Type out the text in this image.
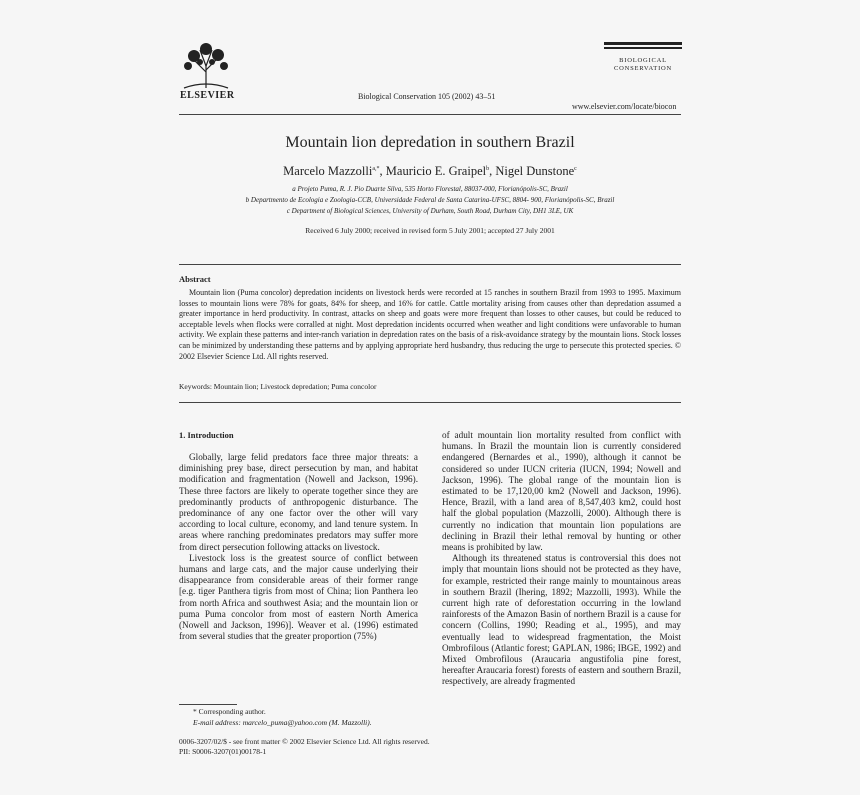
ELSEVIER	Biological Conservation 105 (2002) 43–51
BIOLOGICAL
CONSERVATION
www.elsevier.com/locate/biocon
Mountain lion depredation in southern Brazil
Marcelo Mazzolli$^{a,*}$, Mauricio E. Graipel$^b$, Nigel Dunstone$^c$
a Projeto Puma, R. J. Pio Duarte Silva, 535 Horto Florestal, 88037-000, Florianópolis-SC, Brazil
b Departmento de Ecologia e Zoologia-CCB, Universidade Federal de Santa Catarina-UFSC, 8804- 900, Florianópolis-SC, Brazil
c Department of Biological Sciences, University of Durham, South Road, Durham City, DH1 3LE, UK
Received 6 July 2000; received in revised form 5 July 2001; accepted 27 July 2001
Abstract
Mountain lion (Puma concolor) depredation incidents on livestock herds were recorded at 15 ranches in southern Brazil from 1993 to 1995. Maximum losses to mountain lions were 78% for goats, 84% for sheep, and 16% for cattle. Cattle mortality arising from causes other than depredation assumed a greater importance in herd productivity. In contrast, attacks on sheep and goats were more frequent than losses to other causes, but could be reduced to acceptable levels when flocks were corralled at night. Most depredation incidents occurred when weather and light conditions were unfavorable to human activity. We explain these patterns and inter-ranch variation in depredation rates on the basis of a risk-avoidance strategy by the mountain lions. Stock losses can be minimized by understanding these patterns and by applying appropriate herd husbandry, thus reducing the urge to persecute this protected species. © 2002 Elsevier Science Ltd. All rights reserved.
Keywords: Mountain lion; Livestock depredation; Puma concolor
1. Introduction

Globally, large felid predators face three major threats: a diminishing prey base, direct persecution by man, and habitat modification and fragmentation (Nowell and Jackson, 1996). These three factors are likely to operate together since they are predominantly products of anthropogenic disturbance. The predominance of any one factor over the other will vary according to local culture, economy, and land tenure system. In areas where ranching predominates predators may suffer more from direct persecution following attacks on livestock.

Livestock loss is the greatest source of conflict between humans and large cats, and the major cause underlying their disappearance from considerable areas of their former range [e.g. tiger Panthera tigris from most of China; lion Panthera leo from north Africa and southwest Asia; and the mountain lion or puma Puma concolor from most of eastern North America (Nowell and Jackson, 1996)]. Weaver et al. (1996) estimated from several studies that the greater proportion (75%)

of adult mountain lion mortality resulted from conflict with humans. In Brazil the mountain lion is currently considered endangered (Bernardes et al., 1990), although it cannot be considered so under IUCN criteria (IUCN, 1994; Nowell and Jackson, 1996). The global range of the mountain lion is estimated to be 17,120,00 km2 (Nowell and Jackson, 1996). Hence, Brazil, with a land area of 8,547,403 km2, could host half the global population (Mazzolli, 2000). Although there is currently no indication that mountain lion populations are declining in Brazil their lethal removal by hunting or other means is prohibited by law.

Although its threatened status is controversial this does not imply that mountain lions should not be protected as they have, for example, restricted their range mainly to mountainous areas in southern Brazil (Ihering, 1892; Mazzolli, 1993). While the current high rate of deforestation occurring in the lowland rainforests of the Amazon Basin of northern Brazil is a cause for concern (Collins, 1990; Reading et al., 1995), and may eventually lead to widespread fragmentation, the Moist Ombrofilous (Atlantic forest; GAPLAN, 1986; IBGE, 1992) and Mixed Ombrofilous (Araucaria angustifolia pine forest, hereafter Araucaria forest) forests of eastern and southern Brazil, respectively, are already fragmented

* Corresponding author.
E-mail address: marcelo_puma@yahoo.com (M. Mazzolli).
0006-3207/02/$ - see front matter © 2002 Elsevier Science Ltd. All rights reserved.
PII: S0006-3207(01)00178-1
